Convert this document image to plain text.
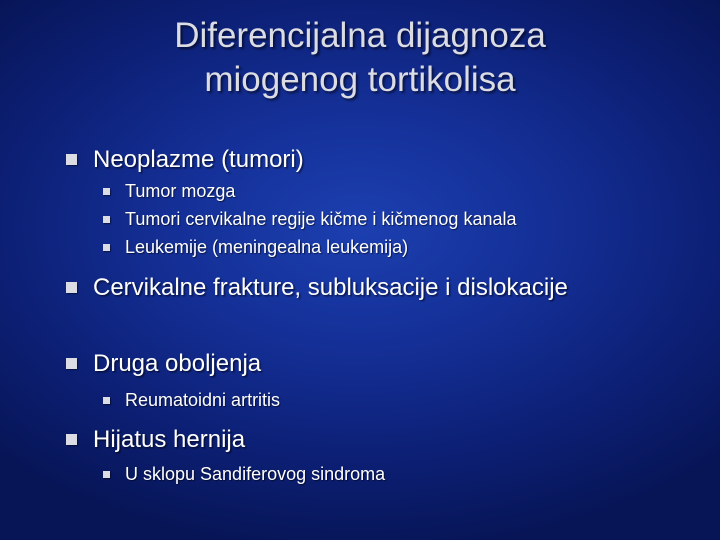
Diferencijalna dijagnoza
miogenog tortikolisa
Neoplazme (tumori)
Tumor mozga
Tumori cervikalne regije kičme i kičmenog kanala
Leukemije (meningealna leukemija)
Cervikalne frakture, subluksacije i dislokacije
Druga oboljenja
Reumatoidni artritis
Hijatus hernija
U sklopu Sandiferovog sindroma
